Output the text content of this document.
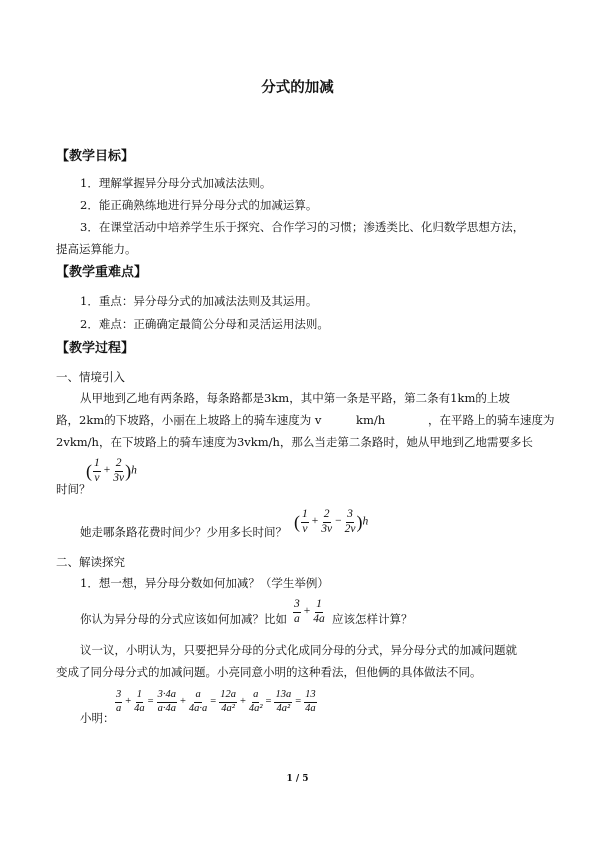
分式的加减
【教学目标】
1．理解掌握异分母分式加减法法则。
2．能正确熟练地进行异分母分式的加减运算。
3．在课堂活动中培养学生乐于探究、合作学习的习惯；渗透类比、化归数学思想方法，
提高运算能力。
【教学重难点】
1．重点：异分母分式的加减法法则及其运用。
2．难点：正确确定最简公分母和灵活运用法则。
【教学过程】
一、情境引入
从甲地到乙地有两条路，每条路都是3km，其中第一条是平路，第二条有1km的上坡
路，2km的下坡路，小丽在上坡路上的骑车速度为 v	km/h	，在平路上的骑车速度为
2vkm/h，在下坡路上的骑车速度为3vkm/h，那么当走第二条路时，她从甲地到乙地需要多长
时间？
( $\frac{1}{v} + \frac{2}{3v} )h$
她走哪条路花费时间少？少用多长时间？ ( $\frac{1}{v} + \frac{2}{3v} - \frac{3}{2v} )h$
二、解读探究
1．想一想，异分母分数如何加减？（学生举例）
你认为异分母的分式应该如何加减？比如 $\frac{3}{a} + \frac{1}{4a}$ 应该怎样计算？
议一议，小明认为，只要把异分母的分式化成同分母的分式，异分母分式的加减问题就
变成了同分母分式的加减问题。小亮同意小明的这种看法，但他俩的具体做法不同。
小明：
$\frac{3}{a} + \frac{1}{4a} = \frac{3\cdot 4a}{a\cdot 4a} + \frac{a}{4a\cdot a} = \frac{12a}{\text{4a²}} + \frac{a}{\text{4a²}} = \frac{13a}{\text{4a²}} = \frac{13}{4a}$
1 / 5
